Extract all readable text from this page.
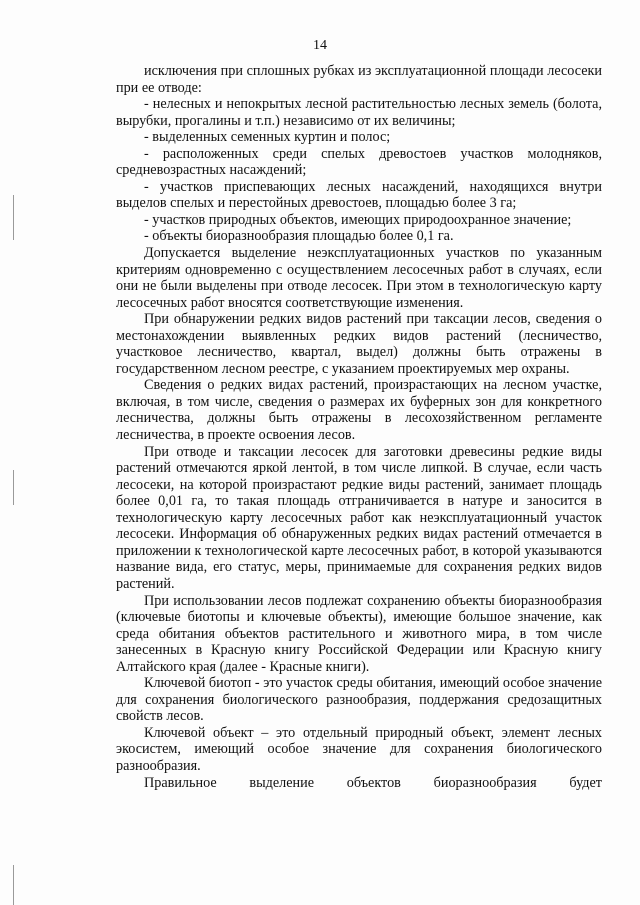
14

исключения при сплошных рубках из эксплуатационной площади лесосеки при ее отводе:

- нелесных и непокрытых лесной растительностью лесных земель (болота, вырубки, прогалины и т.п.) независимо от их величины;

- выделенных семенных куртин и полос;

- расположенных среди спелых древостоев участков молодняков, средневозрастных насаждений;

- участков приспевающих лесных насаждений, находящихся внутри выделов спелых и перестойных древостоев, площадью более 3 га;

- участков природных объектов, имеющих природоохранное значение;

- объекты биоразнообразия площадью более 0,1 га.

Допускается выделение неэксплуатационных участков по указанным критериям одновременно с осуществлением лесосечных работ в случаях, если они не были выделены при отводе лесосек. При этом в технологическую карту лесосечных работ вносятся соответствующие изменения.

При обнаружении редких видов растений при таксации лесов, сведения о местонахождении выявленных редких видов растений (лесничество, участковое лесничество, квартал, выдел) должны быть отражены в государственном лесном реестре, с указанием проектируемых мер охраны.

Сведения о редких видах растений, произрастающих на лесном участке, включая, в том числе, сведения о размерах их буферных зон для конкретного лесничества, должны быть отражены в лесохозяйственном регламенте лесничества, в проекте освоения лесов.

При отводе и таксации лесосек для заготовки древесины редкие виды растений отмечаются яркой лентой, в том числе липкой. В случае, если часть лесосеки, на которой произрастают редкие виды растений, занимает площадь более 0,01 га, то такая площадь отграничивается в натуре и заносится в технологическую карту лесосечных работ как неэксплуатационный участок лесосеки. Информация об обнаруженных редких видах растений отмечается в приложении к технологической карте лесосечных работ, в которой указываются название вида, его статус, меры, принимаемые для сохранения редких видов растений.

При использовании лесов подлежат сохранению объекты биоразнообразия (ключевые биотопы и ключевые объекты), имеющие большое значение, как среда обитания объектов растительного и животного мира, в том числе занесенных в Красную книгу Российской Федерации или Красную книгу Алтайского края (далее - Красные книги).

Ключевой биотоп - это участок среды обитания, имеющий особое значение для сохранения биологического разнообразия, поддержания средозащитных свойств лесов.

Ключевой объект – это отдельный природный объект, элемент лесных экосистем, имеющий особое значение для сохранения биологического разнообразия.

Правильное выделение объектов биоразнообразия будет
